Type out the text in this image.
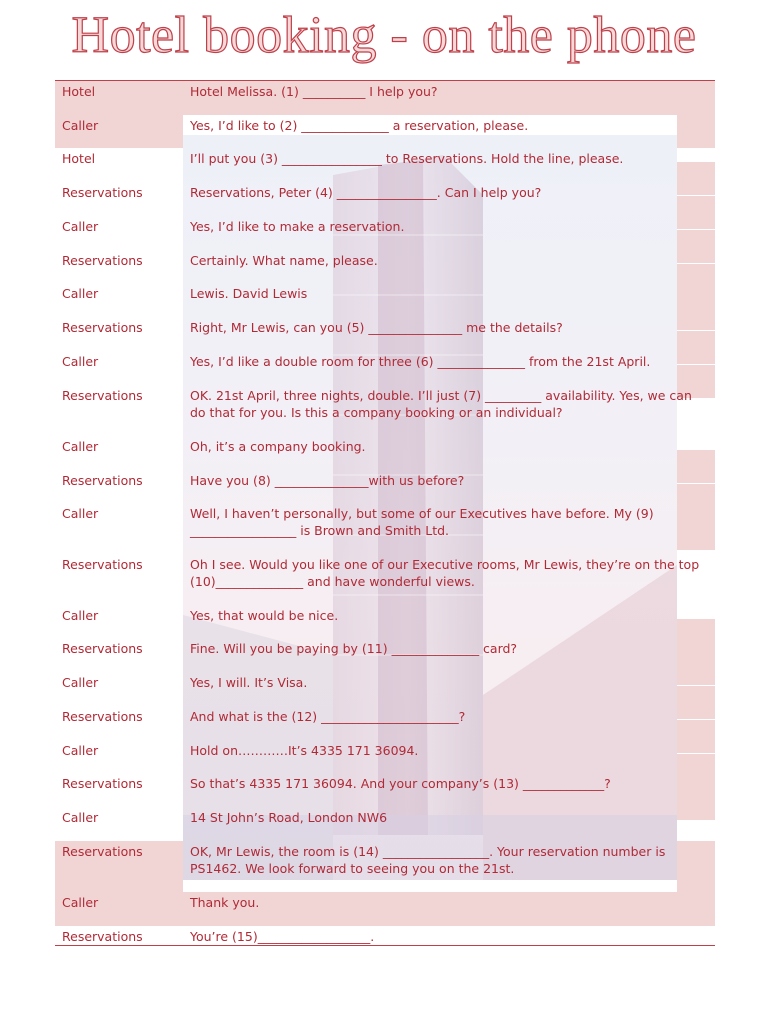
Hotel booking - on the phone
Hotel	Hotel Melissa. (1) __________ I help you?
Caller	Yes, I’d like to (2) ______________ a reservation, please.
Hotel	I’ll put you (3) ________________ to Reservations. Hold the line, please.
Reservations	Reservations, Peter (4) ________________. Can I help you?
Caller	Yes, I’d like to make a reservation.
Reservations	Certainly. What name, please.
Caller	Lewis. David Lewis
Reservations	Right, Mr Lewis, can you (5) _______________ me the details?
Caller	Yes, I’d like a double room for three (6) ______________ from the 21st April.
Reservations	OK. 21st April, three nights, double. I’ll just (7) _________ availability. Yes, we can do that for you. Is this a company booking or an individual?
Caller	Oh, it’s a company booking.
Reservations	Have you (8) _______________with us before?
Caller	Well, I haven’t personally, but some of our Executives have before. My (9) _________________ is Brown and Smith Ltd.
Reservations	Oh I see. Would you like one of our Executive rooms, Mr Lewis, they’re on the top (10)______________ and have wonderful views.
Caller	Yes, that would be nice.
Reservations	Fine. Will you be paying by (11) ______________ card?
Caller	Yes, I will. It’s Visa.
Reservations	And what is the (12) ______________________?
Caller	Hold on…………It’s 4335 171 36094.
Reservations	So that’s 4335 171 36094. And your company’s (13) _____________?
Caller	14 St John’s Road, London NW6
Reservations	OK, Mr Lewis, the room is (14) _________________. Your reservation number is PS1462. We look forward to seeing you on the 21st.
Caller	Thank you.
Reservations	You’re (15)__________________.
